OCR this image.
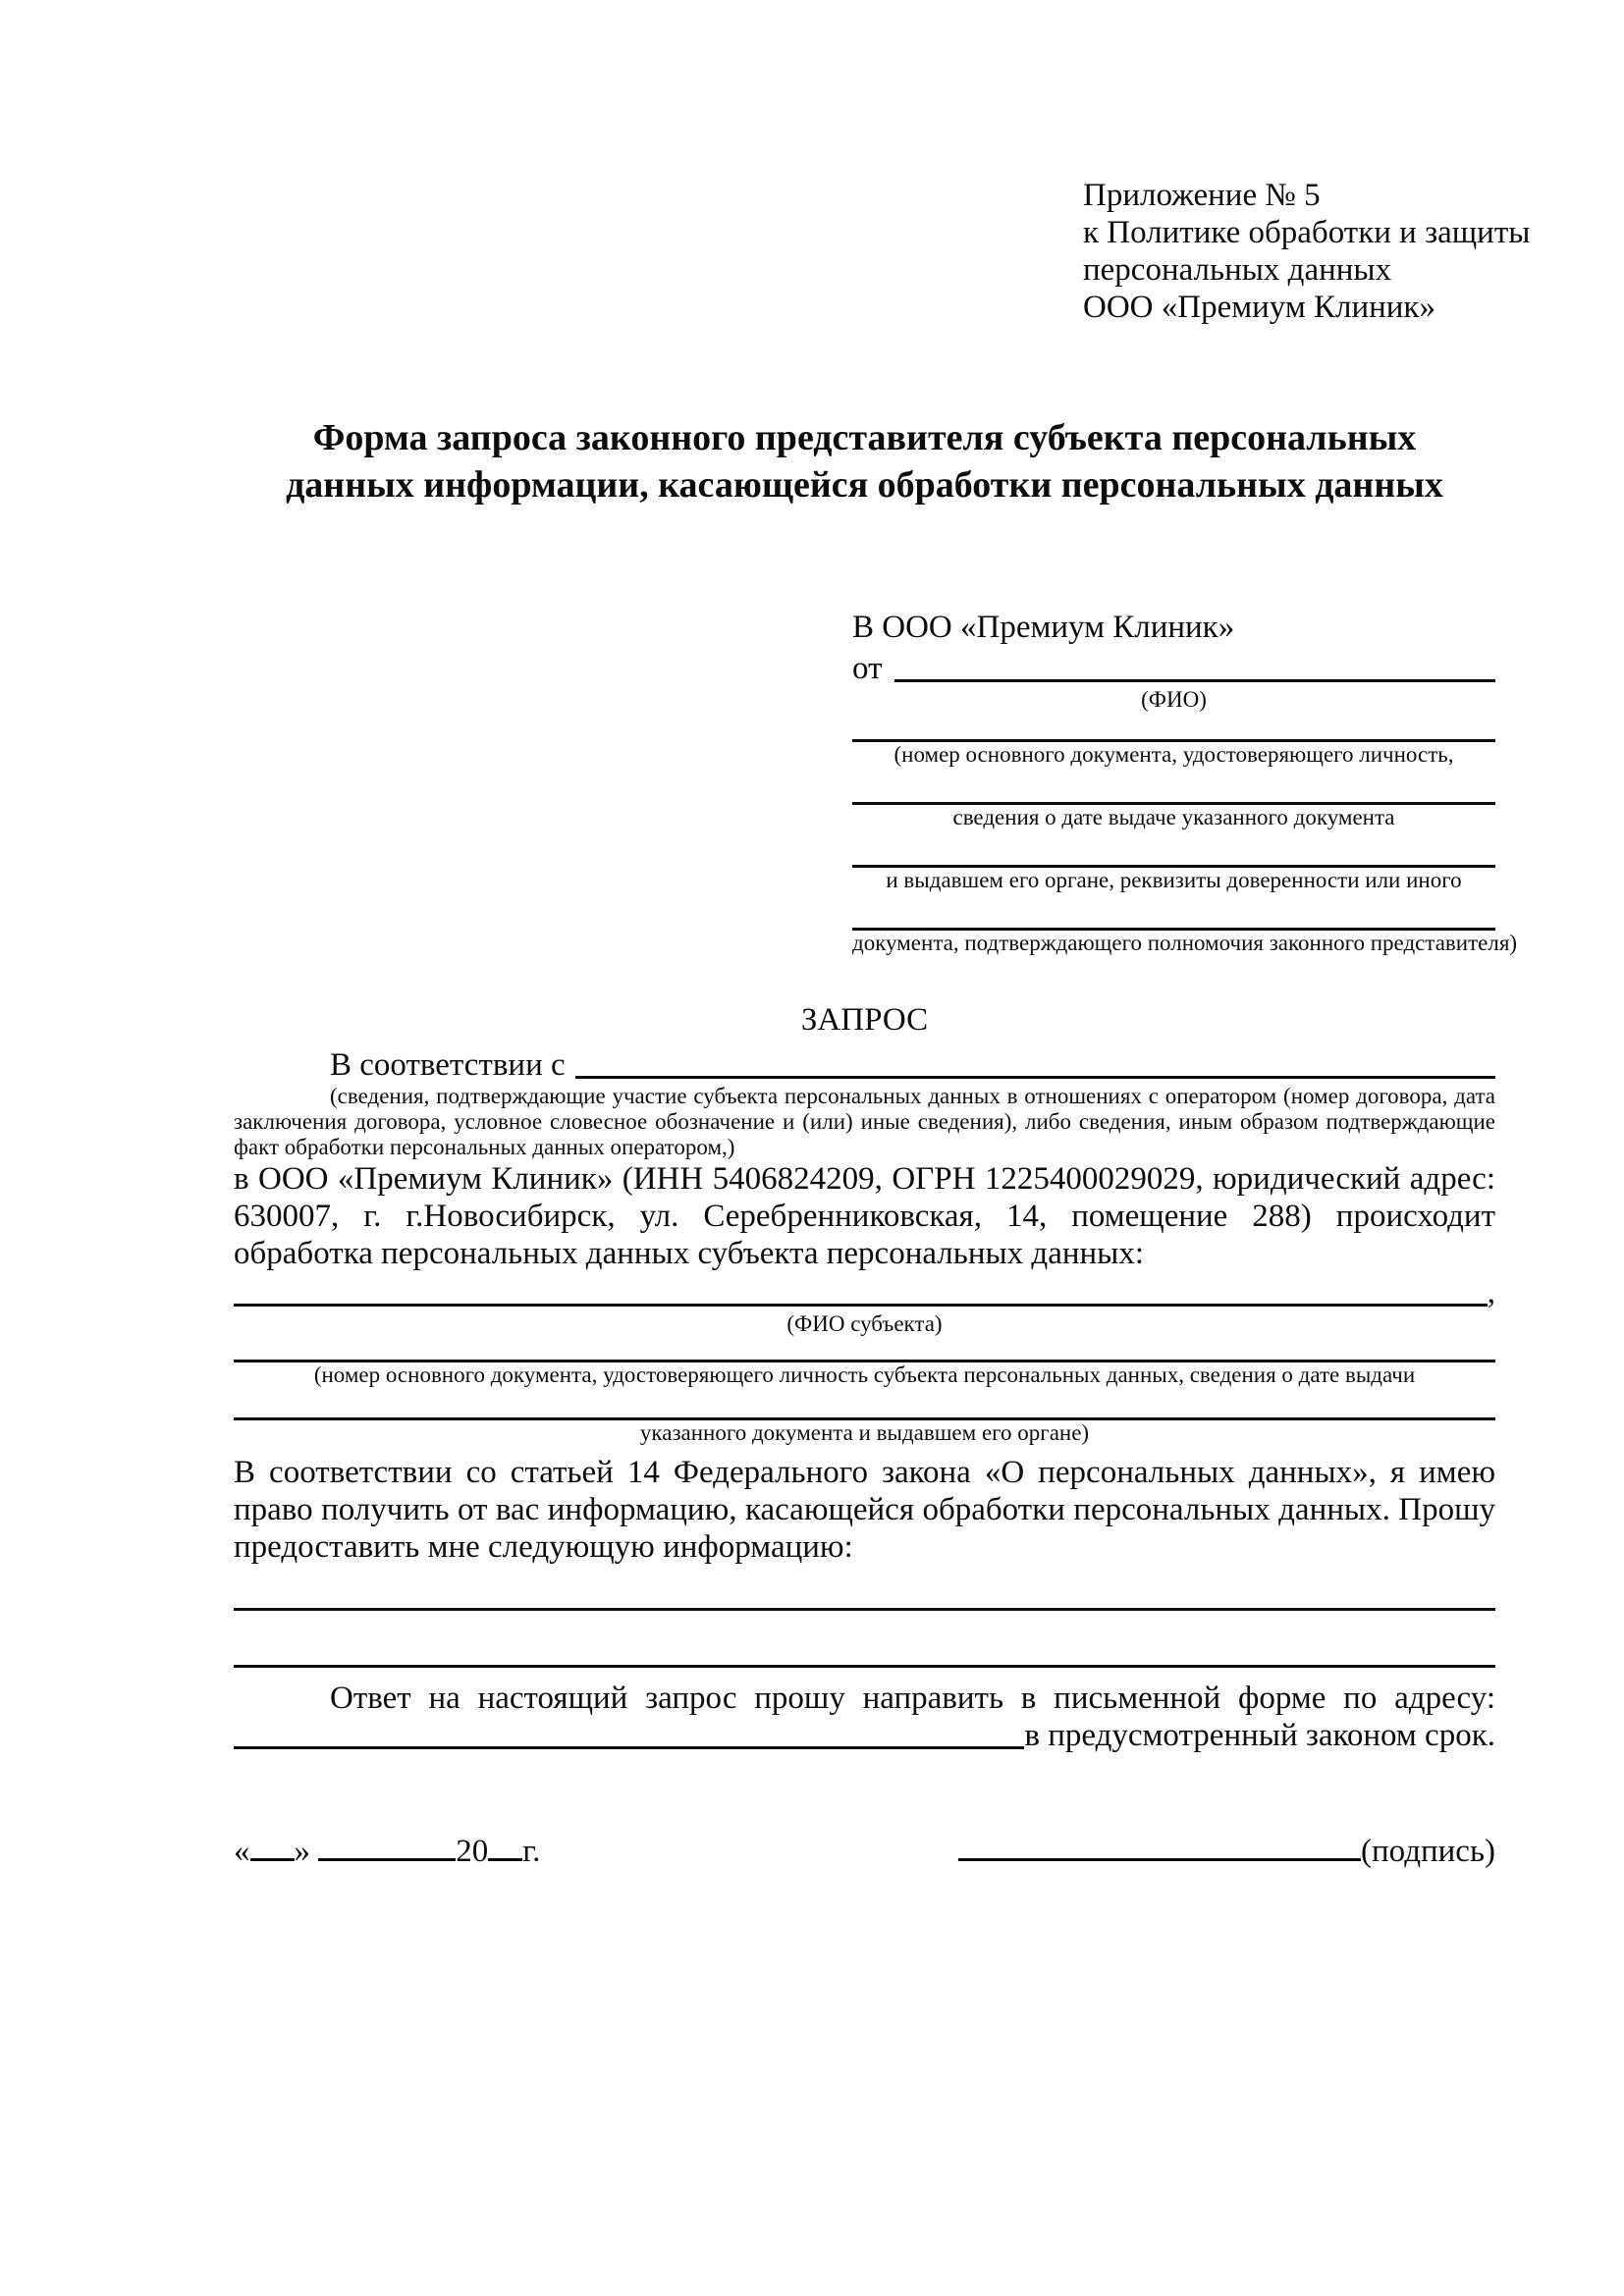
Приложение № 5
к Политике обработки и защиты
персональных данных
ООО «Премиум Клиник»
Форма запроса законного представителя субъекта персональных данных информации, касающейся обработки персональных данных
В ООО «Премиум Клиник»
от
(ФИО)
(номер основного документа, удостоверяющего личность,
сведения о дате выдаче указанного документа
и выдавшем его органе, реквизиты доверенности или иного
документа, подтверждающего полномочия законного представителя)
ЗАПРОС
В соответствии с
(сведения, подтверждающие участие субъекта персональных данных в отношениях с оператором (номер договора, дата заключения договора, условное словесное обозначение и (или) иные сведения), либо сведения, иным образом подтверждающие факт обработки персональных данных оператором,)

в ООО «Премиум Клиник» (ИНН 5406824209, ОГРН 1225400029029, юридический адрес: 630007, г. г.Новосибирск, ул. Серебренниковская, 14, помещение 288) происходит обработка персональных данных субъекта персональных данных:

,
(ФИО субъекта)
(номер основного документа, удостоверяющего личность субъекта персональных данных, сведения о дате выдачи
указанного документа и выдавшем его органе)

В соответствии со статьей 14 Федерального закона «О персональных данных», я имею право получить от вас информацию, касающейся обработки персональных данных. Прошу предоставить мне следующую информацию:

Ответ на настоящий запрос прошу направить в письменной форме по адресу:

в предусмотренный законом срок.
« »	20 г.	(подпись)
